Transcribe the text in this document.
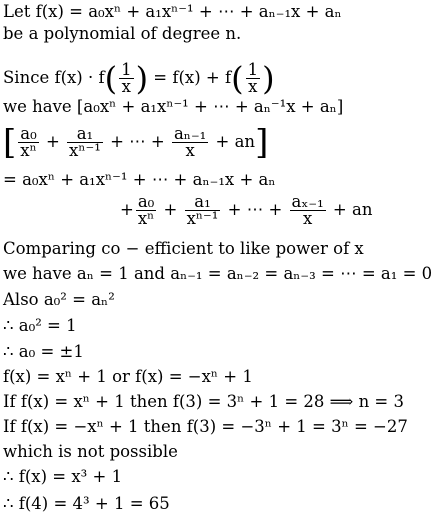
Let f(x) = a₀xⁿ + a₁xⁿ⁻¹ + ⋯ + aₙ₋₁x + aₙ
be a polynomial of degree n.
Since $f(x) \cdot f( \frac{1}{x}$ ) = $f(x) + f( \frac{1}{x}$ )
we have [a₀xⁿ + a₁xⁿ⁻¹ + ⋯ + aₙ⁻¹x + aₙ]
[ $\frac{\text{a₀}}{\text{xⁿ}} + \frac{\text{a₁}}{\text{xⁿ⁻¹}}$ + ⋯ + $\frac{\text{aₙ₋₁}}{x} + an$]
= a₀xⁿ + a₁xⁿ⁻¹ + ⋯ + aₙ₋₁x + aₙ
+ $\frac{\text{a₀}}{\text{xⁿ}} + \frac{\text{a₁}}{\text{xⁿ⁻¹}}$ + ⋯ + $\frac{\text{aₓ₋₁}}{x}$ + an
Comparing co − efficient to like power of x
we have aₙ = 1 and aₙ₋₁ = aₙ₋₂ = aₙ₋₃ = ⋯ = a₁ = 0
Also a₀² = aₙ²
∴ a₀² = 1
∴ a₀ = ±1
f(x) = xⁿ + 1 or f(x) = −xⁿ + 1
If f(x) = xⁿ + 1 then f(3) = 3ⁿ + 1 = 28 ⟹ n = 3
If f(x) = −xⁿ + 1 then f(3) = −3ⁿ + 1 = 3ⁿ = −27
which is not possible
∴ f(x) = x³ + 1
∴ f(4) = 4³ + 1 = 65
